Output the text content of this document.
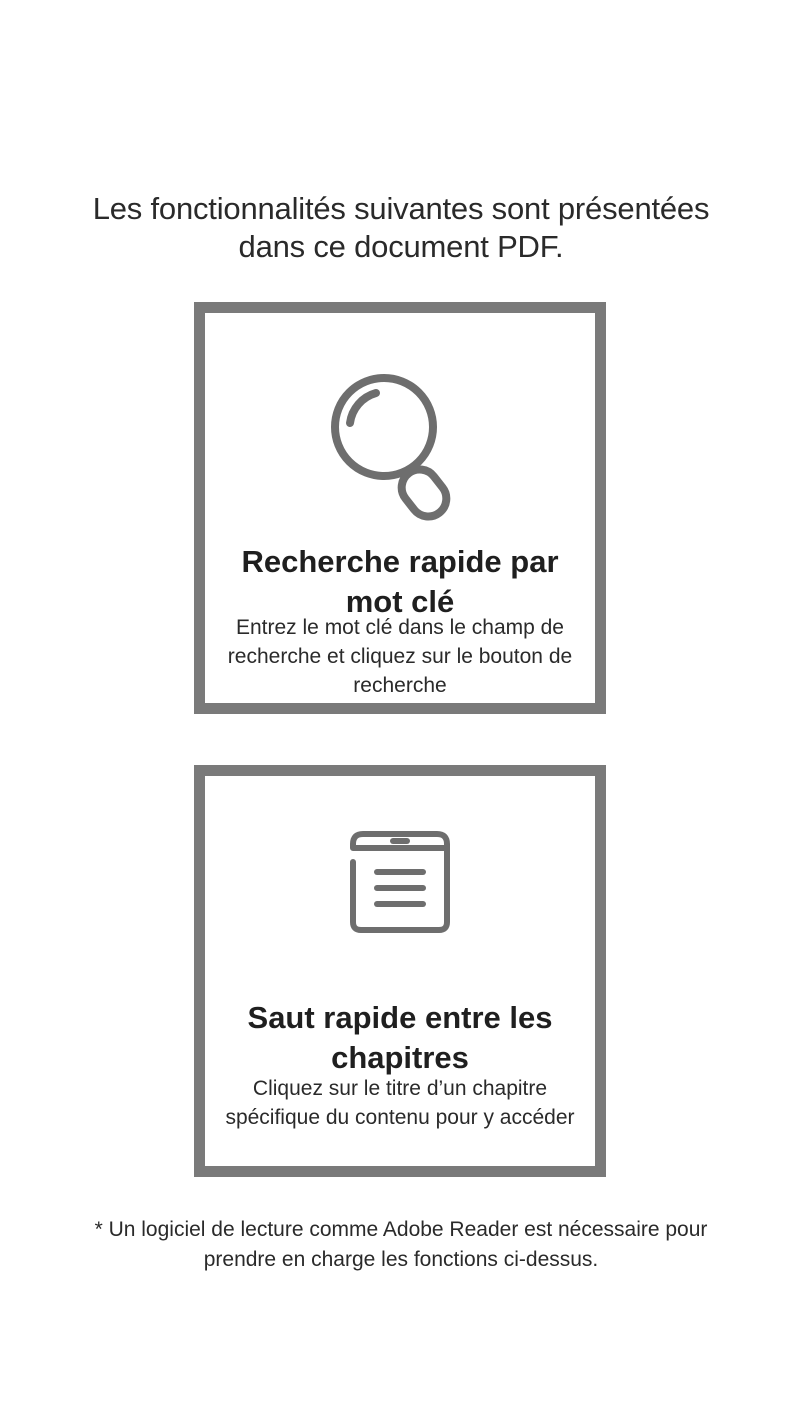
Les fonctionnalités suivantes sont présentées
dans ce document PDF.
Recherche rapide par
mot clé
Entrez le mot clé dans le champ de
recherche et cliquez sur le bouton de
recherche
Saut rapide entre les
chapitres
Cliquez sur le titre d’un chapitre
spécifique du contenu pour y accéder
* Un logiciel de lecture comme Adobe Reader est nécessaire pour
prendre en charge les fonctions ci-dessus.
